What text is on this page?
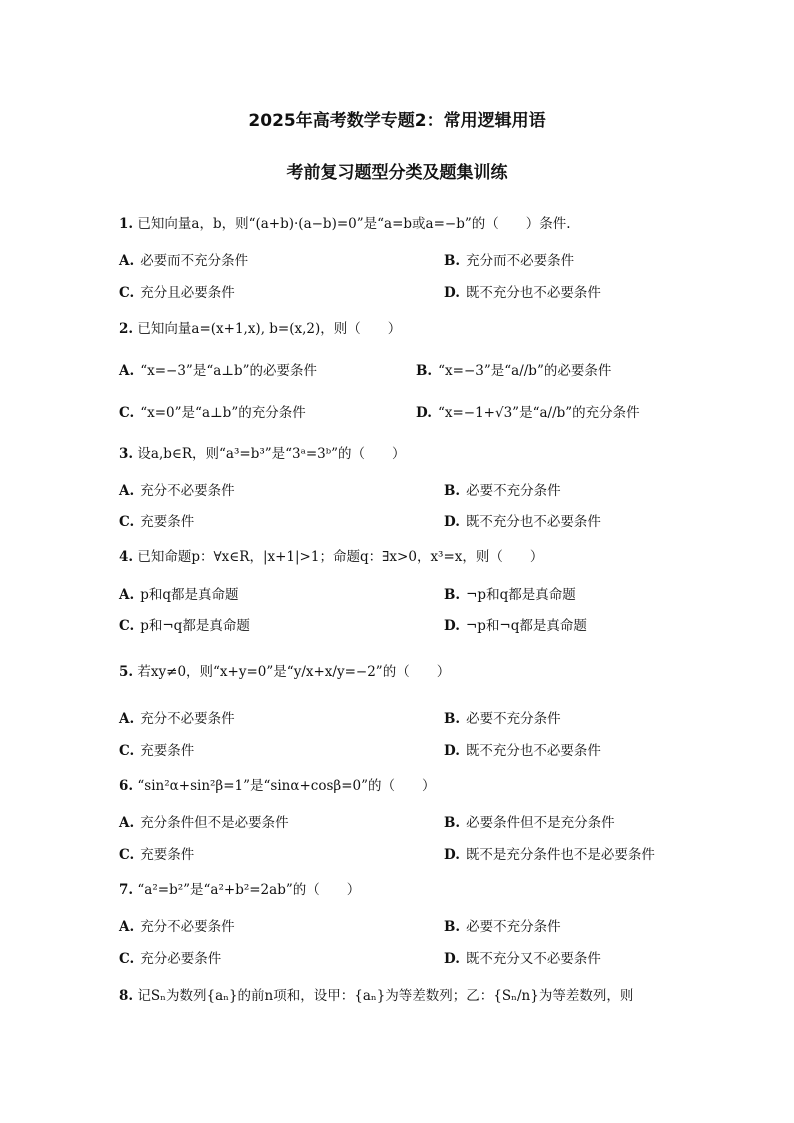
2025年高考数学专题2：常用逻辑用语
考前复习题型分类及题集训练
1. 已知向量a，b，则“(a+b)·(a−b)=0”是“a=b或a=−b”的（　　）条件.
A. 必要而不充分条件	B. 充分而不必要条件
C. 充分且必要条件	D. 既不充分也不必要条件
2. 已知向量a=(x+1,x), b=(x,2)，则（　　）
A. “x=−3”是“a⊥b”的必要条件	B. “x=−3”是“a//b”的必要条件
C. “x=0”是“a⊥b”的充分条件	D. “x=−1+√3”是“a//b”的充分条件
3. 设a,b∈R，则“a³=b³”是“3ᵃ=3ᵇ”的（　　）
A. 充分不必要条件	B. 必要不充分条件
C. 充要条件	D. 既不充分也不必要条件
4. 已知命题p：∀x∈R，|x+1|>1；命题q：∃x>0，x³=x，则（　　）
A. p和q都是真命题	B. ¬p和q都是真命题
C. p和¬q都是真命题	D. ¬p和¬q都是真命题
5. 若xy≠0，则“x+y=0”是“y/x+x/y=−2”的（　　）
A. 充分不必要条件	B. 必要不充分条件
C. 充要条件	D. 既不充分也不必要条件
6. “sin²α+sin²β=1”是“sinα+cosβ=0”的（　　）
A. 充分条件但不是必要条件	B. 必要条件但不是充分条件
C. 充要条件	D. 既不是充分条件也不是必要条件
7. “a²=b²”是“a²+b²=2ab”的（　　）
A. 充分不必要条件	B. 必要不充分条件
C. 充分必要条件	D. 既不充分又不必要条件
8. 记Sₙ为数列{aₙ}的前n项和，设甲：{aₙ}为等差数列；乙：{Sₙ/n}为等差数列，则
